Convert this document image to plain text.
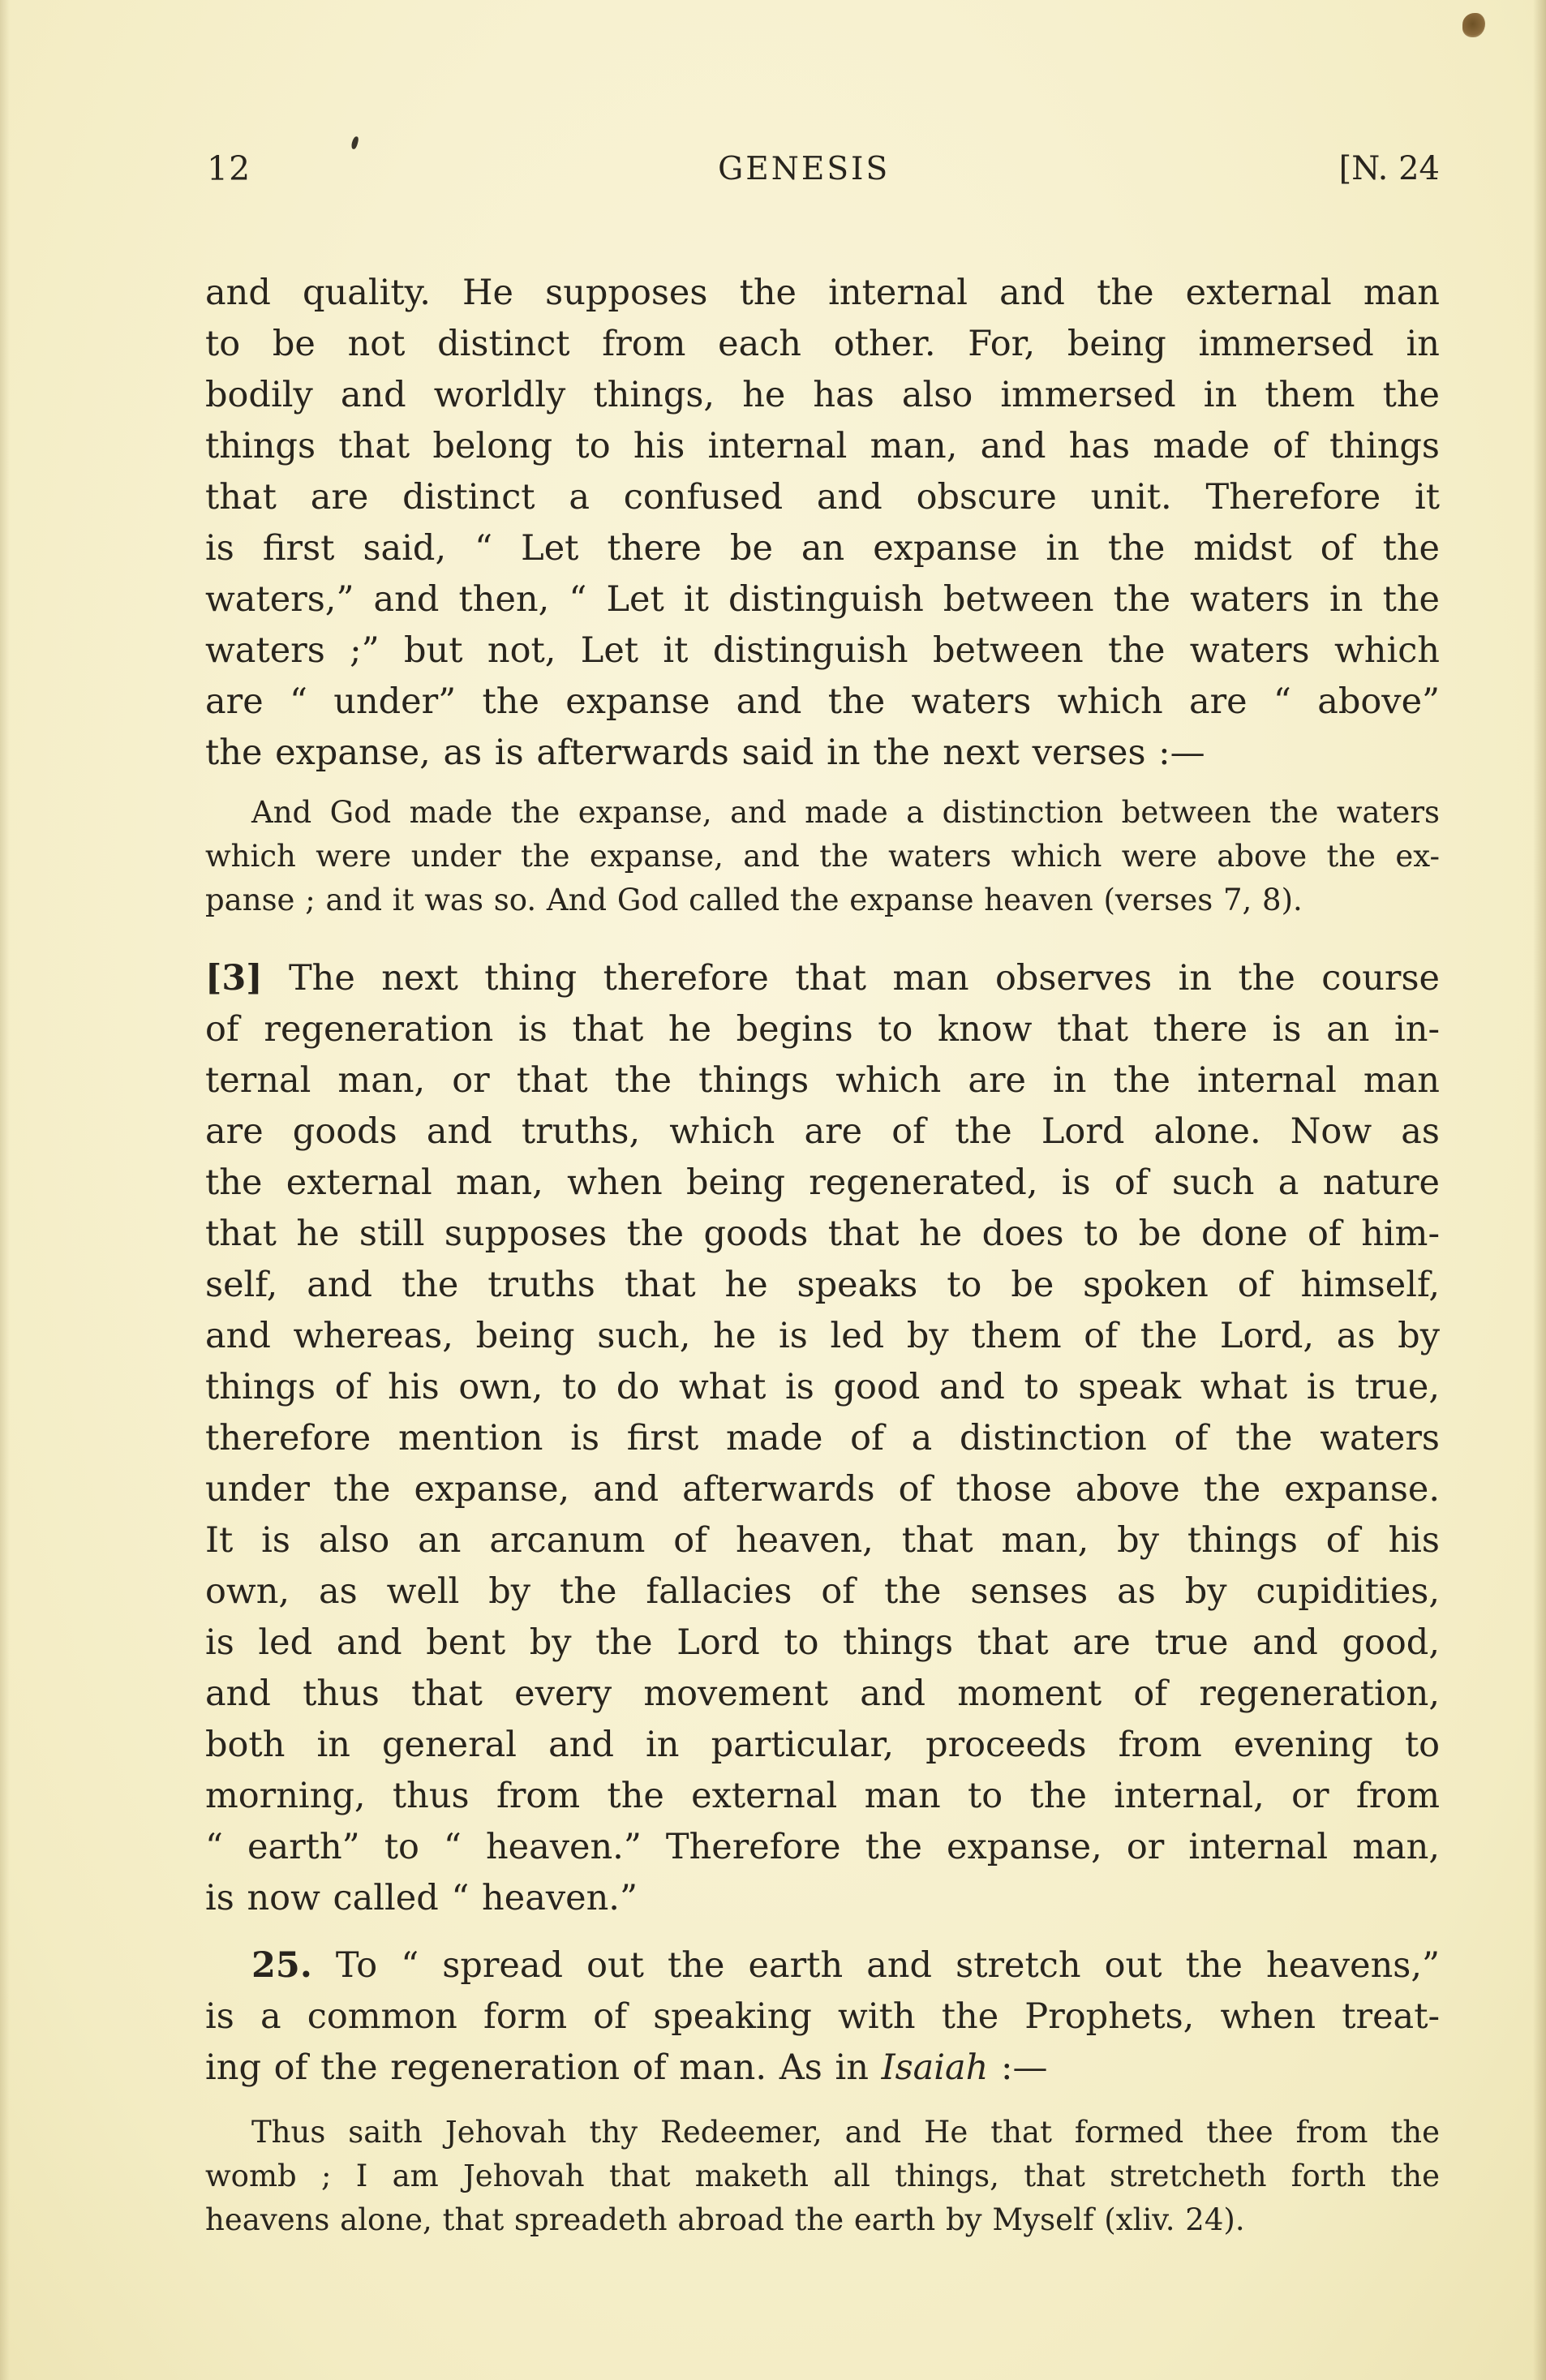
12	GENESIS	[N. 24
and quality. He supposes the internal and the external man
to be not distinct from each other. For, being immersed in
bodily and worldly things, he has also immersed in them the
things that belong to his internal man, and has made of things
that are distinct a confused and obscure unit. Therefore it
is first said, “ Let there be an expanse in the midst of the
waters,” and then, “ Let it distinguish between the waters in the
waters ;” but not, Let it distinguish between the waters which
are “ under” the expanse and the waters which are “ above”
the expanse, as is afterwards said in the next verses :—
And God made the expanse, and made a distinction between the waters
which were under the expanse, and the waters which were above the ex-
panse ; and it was so. And God called the expanse heaven (verses 7, 8).
[3] The next thing therefore that man observes in the course
of regeneration is that he begins to know that there is an in-
ternal man, or that the things which are in the internal man
are goods and truths, which are of the Lord alone. Now as
the external man, when being regenerated, is of such a nature
that he still supposes the goods that he does to be done of him-
self, and the truths that he speaks to be spoken of himself,
and whereas, being such, he is led by them of the Lord, as by
things of his own, to do what is good and to speak what is true,
therefore mention is first made of a distinction of the waters
under the expanse, and afterwards of those above the expanse.
It is also an arcanum of heaven, that man, by things of his
own, as well by the fallacies of the senses as by cupidities,
is led and bent by the Lord to things that are true and good,
and thus that every movement and moment of regeneration,
both in general and in particular, proceeds from evening to
morning, thus from the external man to the internal, or from
“ earth” to “ heaven.” Therefore the expanse, or internal man,
is now called “ heaven.”
25. To “ spread out the earth and stretch out the heavens,”
is a common form of speaking with the Prophets, when treat-
ing of the regeneration of man. As in Isaiah :—
Thus saith Jehovah thy Redeemer, and He that formed thee from the
womb ; I am Jehovah that maketh all things, that stretcheth forth the
heavens alone, that spreadeth abroad the earth by Myself (xliv. 24).
